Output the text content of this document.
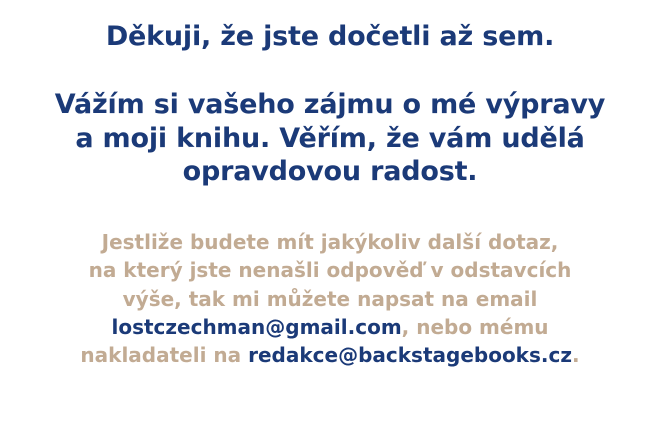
Děkuji, že jste dočetli až sem.
Vážím si vašeho zájmu o mé výpravy
a moji knihu. Věřím, že vám udělá
opravdovou radost.
Jestliže budete mít jakýkoliv další dotaz,
na který jste nenašli odpověď v odstavcích
výše, tak mi můžete napsat na email
lostczechman@gmail.com, nebo mému
nakladateli na redakce@backstagebooks.cz.
